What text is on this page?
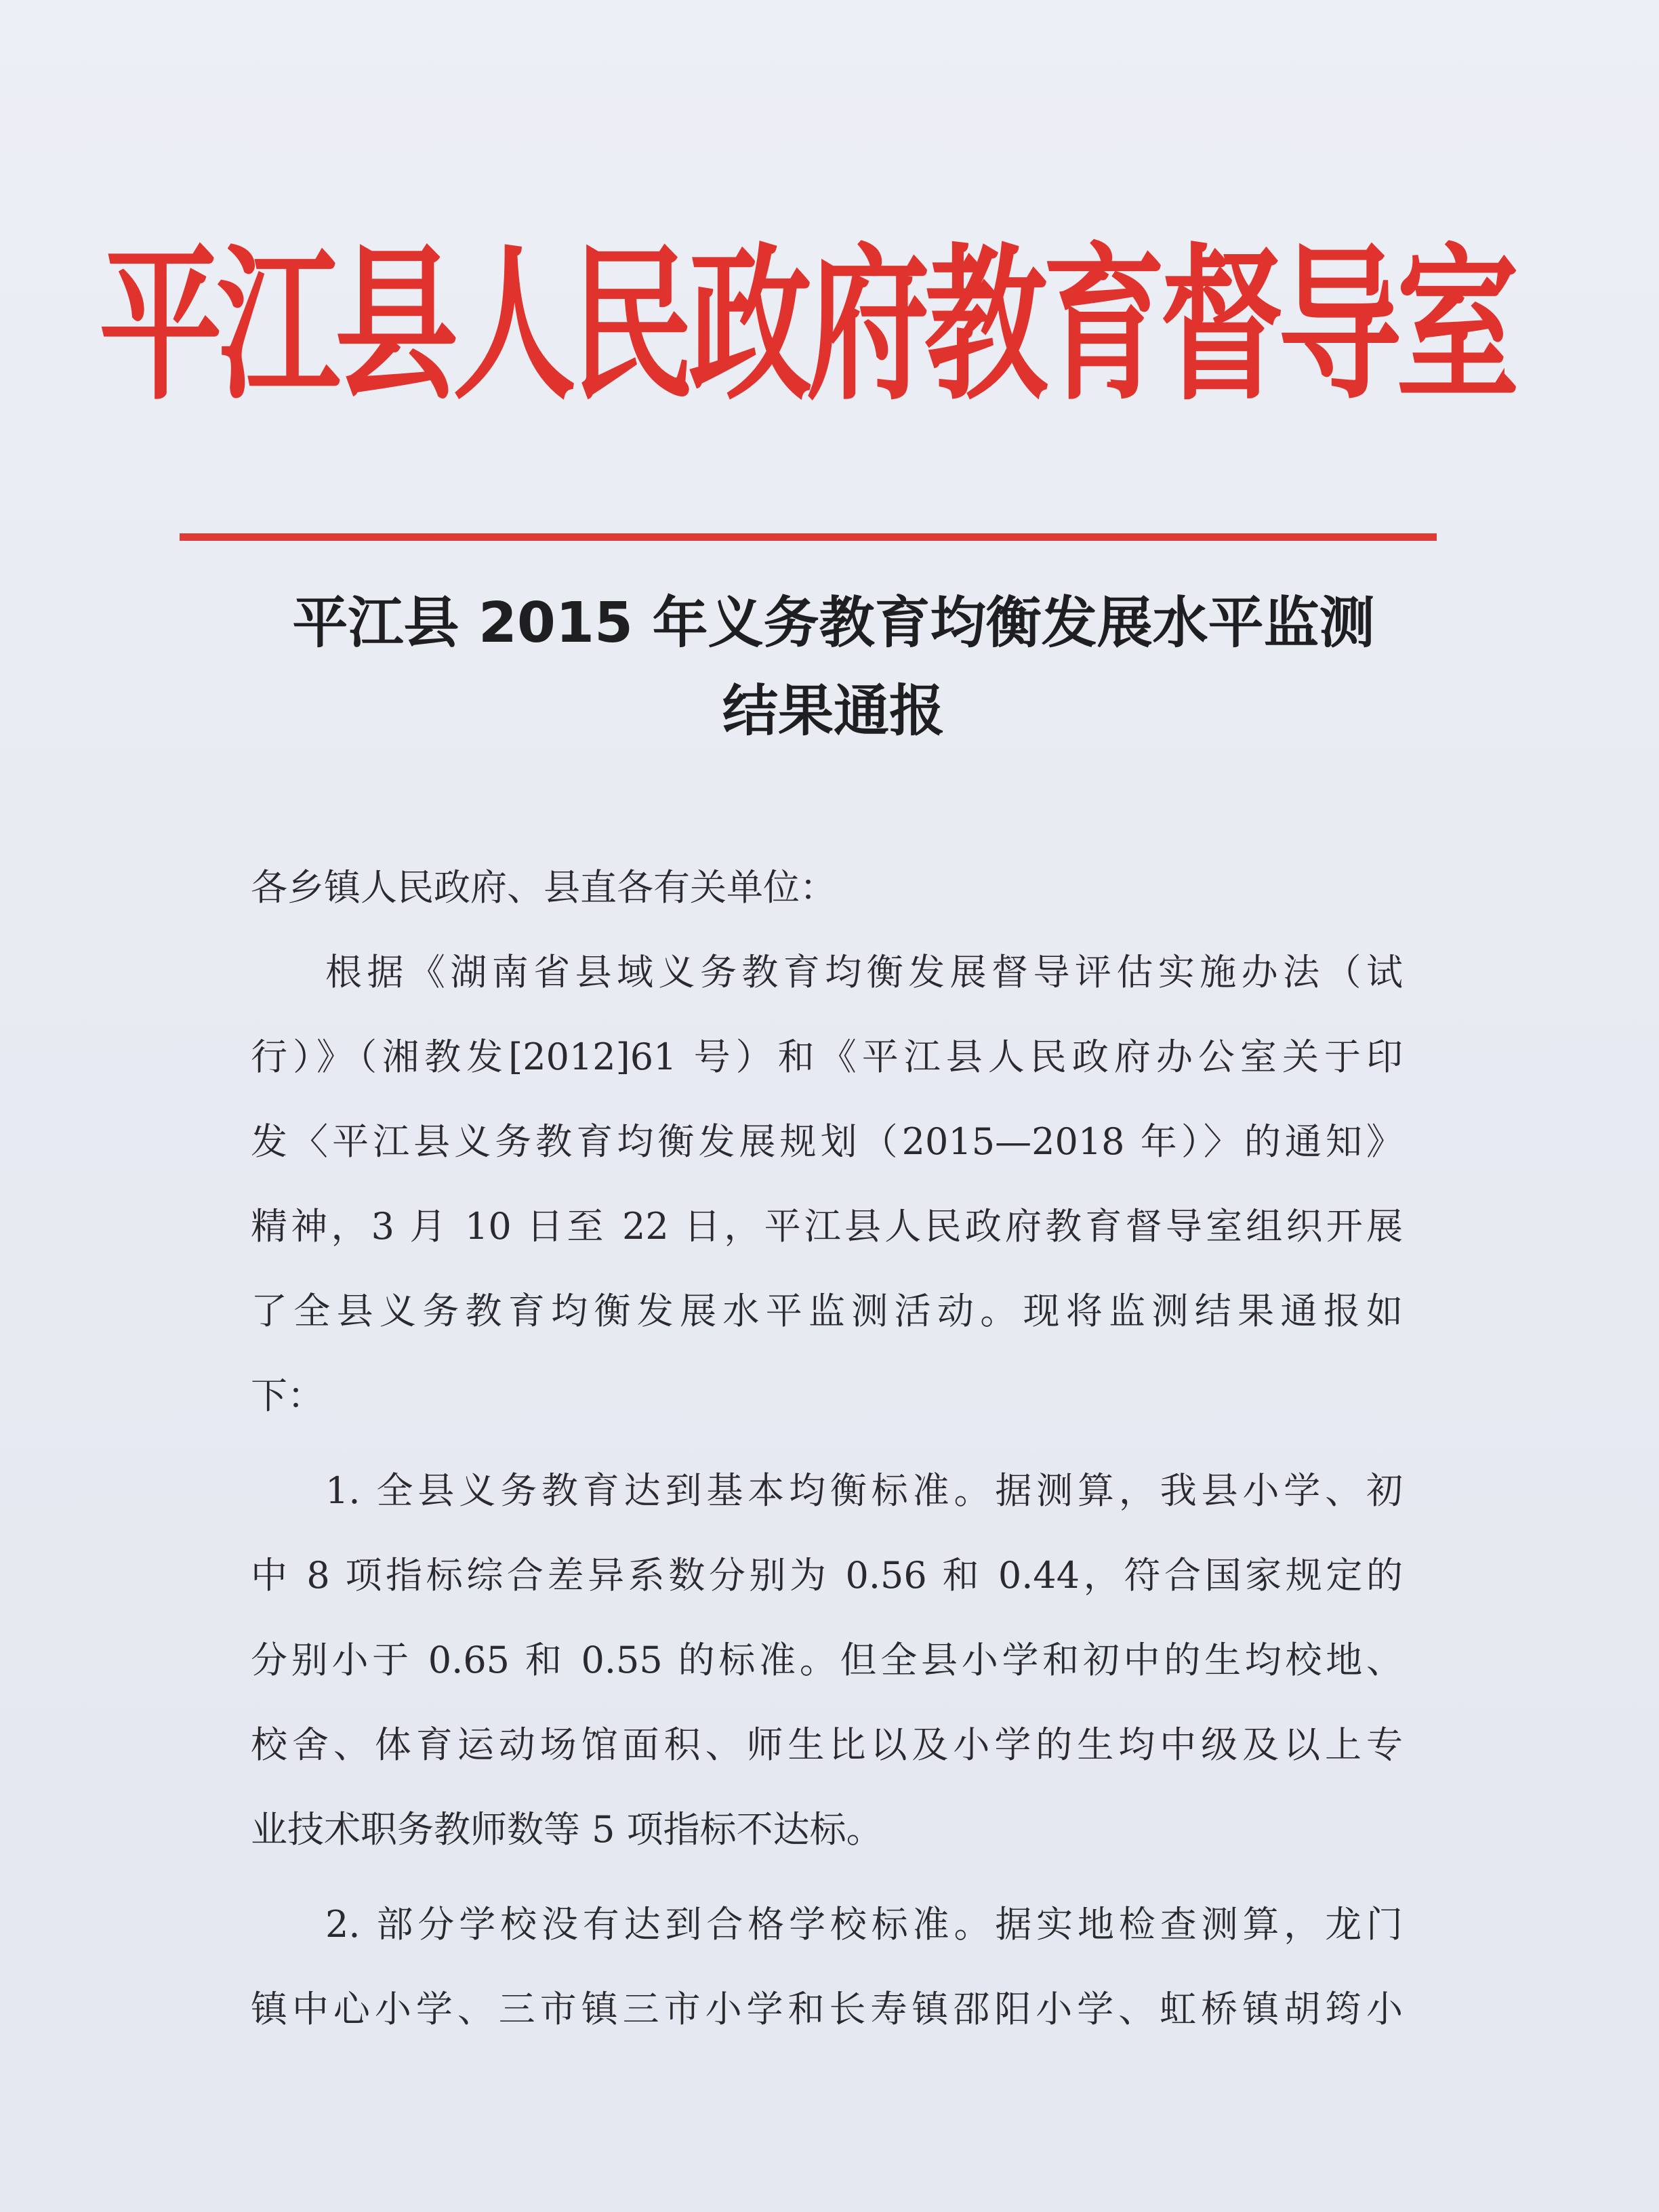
平江县人民政府教育督导室
平江县 2015 年义务教育均衡发展水平监测
结果通报

各乡镇人民政府、县直各有关单位：

根据《湖南省县域义务教育均衡发展督导评估实施办法（试

行）》（湘教发[2012]61 号）和《平江县人民政府办公室关于印

发〈平江县义务教育均衡发展规划（2015—2018 年）〉的通知》

精神，3 月 10 日至 22 日，平江县人民政府教育督导室组织开展

了全县义务教育均衡发展水平监测活动。现将监测结果通报如

下：

1. 全县义务教育达到基本均衡标准。据测算，我县小学、初

中 8 项指标综合差异系数分别为 0.56 和 0.44，符合国家规定的

分别小于 0.65 和 0.55 的标准。但全县小学和初中的生均校地、

校舍、体育运动场馆面积、师生比以及小学的生均中级及以上专

业技术职务教师数等 5 项指标不达标。

2. 部分学校没有达到合格学校标准。据实地检查测算，龙门

镇中心小学、三市镇三市小学和长寿镇邵阳小学、虹桥镇胡筠小
